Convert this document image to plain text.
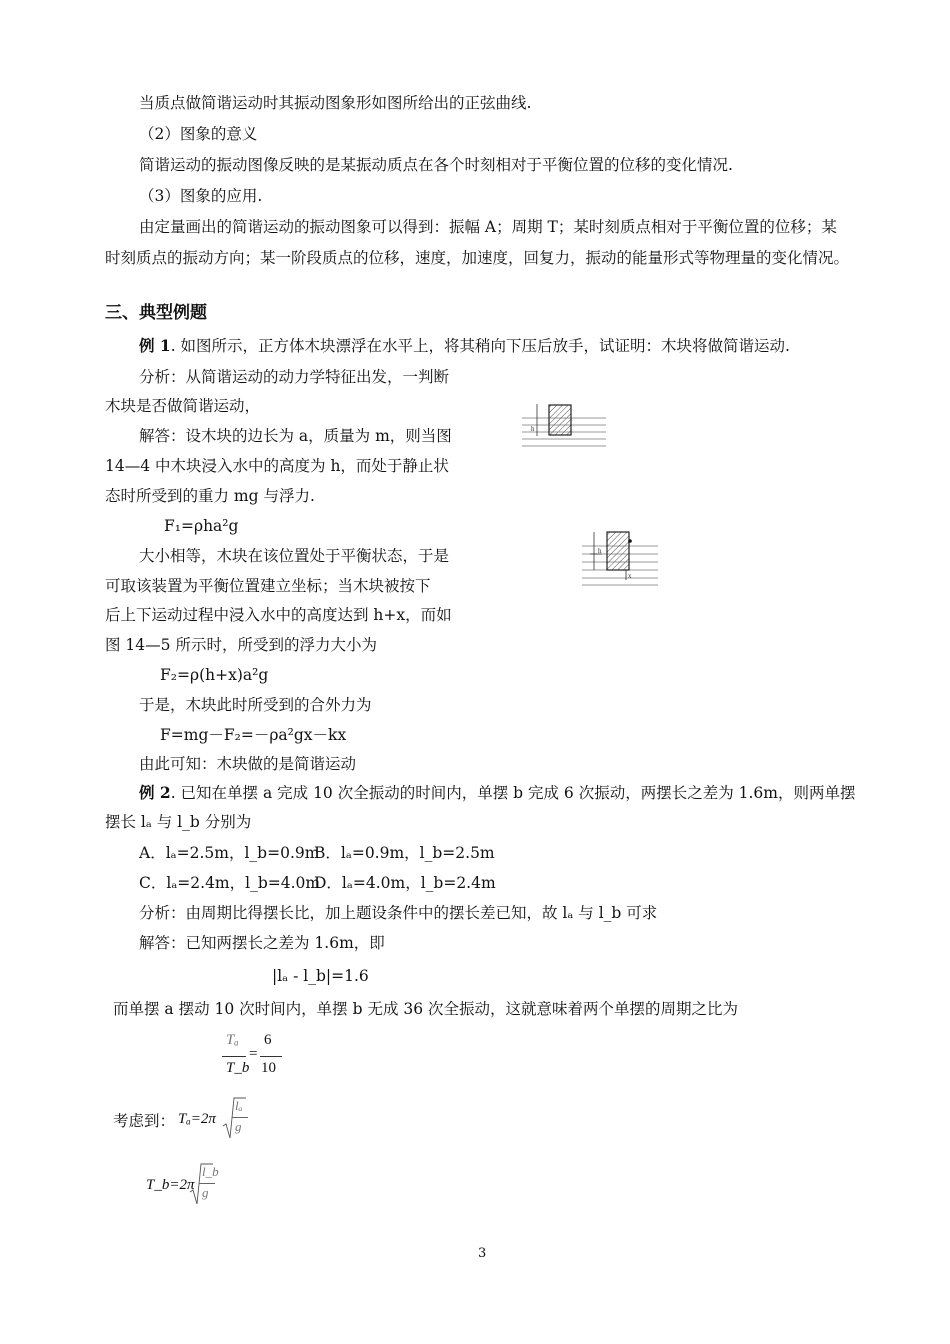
当质点做简谐运动时其振动图象形如图所给出的正弦曲线.
（2）图象的意义
简谐运动的振动图像反映的是某振动质点在各个时刻相对于平衡位置的位移的变化情况.
（3）图象的应用.
由定量画出的简谐运动的振动图象可以得到：振幅 A；周期 T；某时刻质点相对于平衡位置的位移；某
时刻质点的振动方向；某一阶段质点的位移，速度，加速度，回复力，振动的能量形式等物理量的变化情况。
三、典型例题
例 1. 如图所示，正方体木块漂浮在水平上，将其稍向下压后放手，试证明：木块将做简谐运动.
分析：从简谐运动的动力学特征出发，一判断
木块是否做简谐运动，
解答：设木块的边长为 a，质量为 m，则当图
14—4 中木块浸入水中的高度为 h，而处于静止状
态时所受到的重力 mg 与浮力.
F₁=ρha²g
大小相等，木块在该位置处于平衡状态，于是
可取该装置为平衡位置建立坐标；当木块被按下
后上下运动过程中浸入水中的高度达到 h+x，而如
图 14—5 所示时，所受到的浮力大小为
F₂=ρ(h+x)a²g
于是，木块此时所受到的合外力为
F=mg－F₂=－ρa²gx－kx
由此可知：木块做的是简谐运动
h
h
x
例 2. 已知在单摆 a 完成 10 次全振动的时间内，单摆 b 完成 6 次振动，两摆长之差为 1.6m，则两单摆
摆长 lₐ 与 l_b 分别为
A．lₐ=2.5m，l_b=0.9m
B．lₐ=0.9m，l_b=2.5m
C．lₐ=2.4m，l_b=4.0m
D．lₐ=4.0m，l_b=2.4m
分析：由周期比得摆长比，加上题设条件中的摆长差已知，故 lₐ 与 l_b 可求
解答：已知两摆长之差为 1.6m，即
|lₐ - l_b|=1.6
而单摆 a 摆动 10 次时间内，单摆 b 无成 36 次全振动，这就意味着两个单摆的周期之比为
Tₐ
T_b
=
6
10
考虑到： Tₐ=2π
lₐ
g
T_b=2π
l_b
g
3
